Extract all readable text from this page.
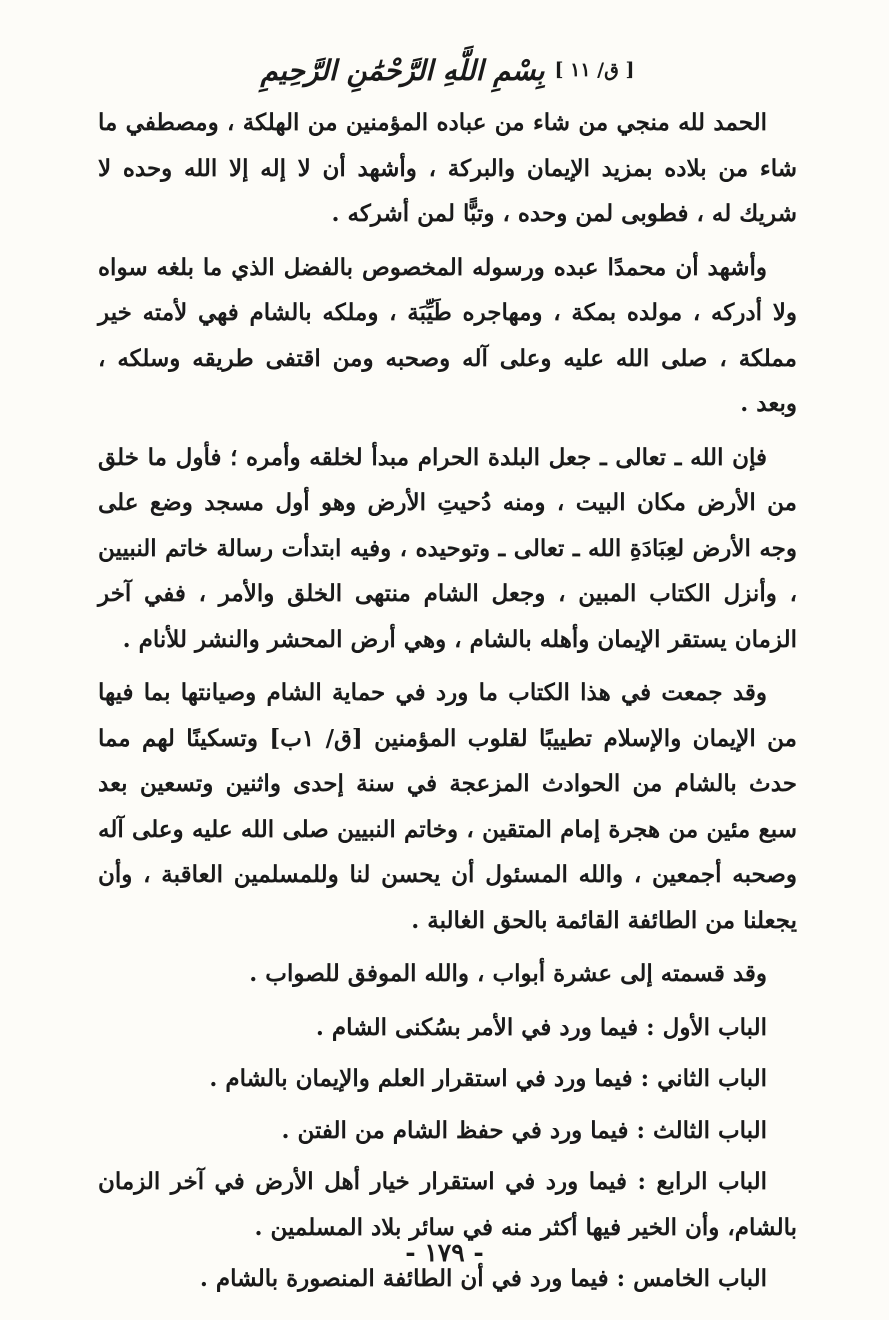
بِسْمِ اللَّهِ الرَّحْمَٰنِ الرَّحِيمِ [ ق/ ١١ ]

الحمد لله منجي من شاء من عباده المؤمنين من الهلكة ، ومصطفي ما شاء من بلاده بمزيد الإيمان والبركة ، وأشهد أن لا إله إلا الله وحده لا شريك له ، فطوبى لمن وحده ، وتبًّا لمن أشركه .

وأشهد أن محمدًا عبده ورسوله المخصوص بالفضل الذي ما بلغه سواه ولا أدركه ، مولده بمكة ، ومهاجره طَيِّبَة ، وملكه بالشام فهي لأمته خير مملكة ، صلى الله عليه وعلى آله وصحبه ومن اقتفى طريقه وسلكه ، وبعد .

فإن الله ـ تعالى ـ جعل البلدة الحرام مبدأ لخلقه وأمره ؛ فأول ما خلق من الأرض مكان البيت ، ومنه دُحيتِ الأرض وهو أول مسجد وضع على وجه الأرض لعِبَادَةِ الله ـ تعالى ـ وتوحيده ، وفيه ابتدأت رسالة خاتم النبيين ، وأنزل الكتاب المبين ، وجعل الشام منتهى الخلق والأمر ، ففي آخر الزمان يستقر الإيمان وأهله بالشام ، وهي أرض المحشر والنشر للأنام .

وقد جمعت في هذا الكتاب ما ورد في حماية الشام وصيانتها بما فيها من الإيمان والإسلام تطييبًا لقلوب المؤمنين [ق/ ١ب] وتسكينًا لهم مما حدث بالشام من الحوادث المزعجة في سنة إحدى واثنين وتسعين بعد سبع مئين من هجرة إمام المتقين ، وخاتم النبيين صلى الله عليه وعلى آله وصحبه أجمعين ، والله المسئول أن يحسن لنا وللمسلمين العاقبة ، وأن يجعلنا من الطائفة القائمة بالحق الغالبة .

وقد قسمته إلى عشرة أبواب ، والله الموفق للصواب .

الباب الأول : فيما ورد في الأمر بسُكنى الشام .

الباب الثاني : فيما ورد في استقرار العلم والإيمان بالشام .

الباب الثالث : فيما ورد في حفظ الشام من الفتن .

الباب الرابع : فيما ورد في استقرار خيار أهل الأرض في آخر الزمان بالشام، وأن الخير فيها أكثر منه في سائر بلاد المسلمين .

الباب الخامس : فيما ورد في أن الطائفة المنصورة بالشام .

- ١٧٩ -
